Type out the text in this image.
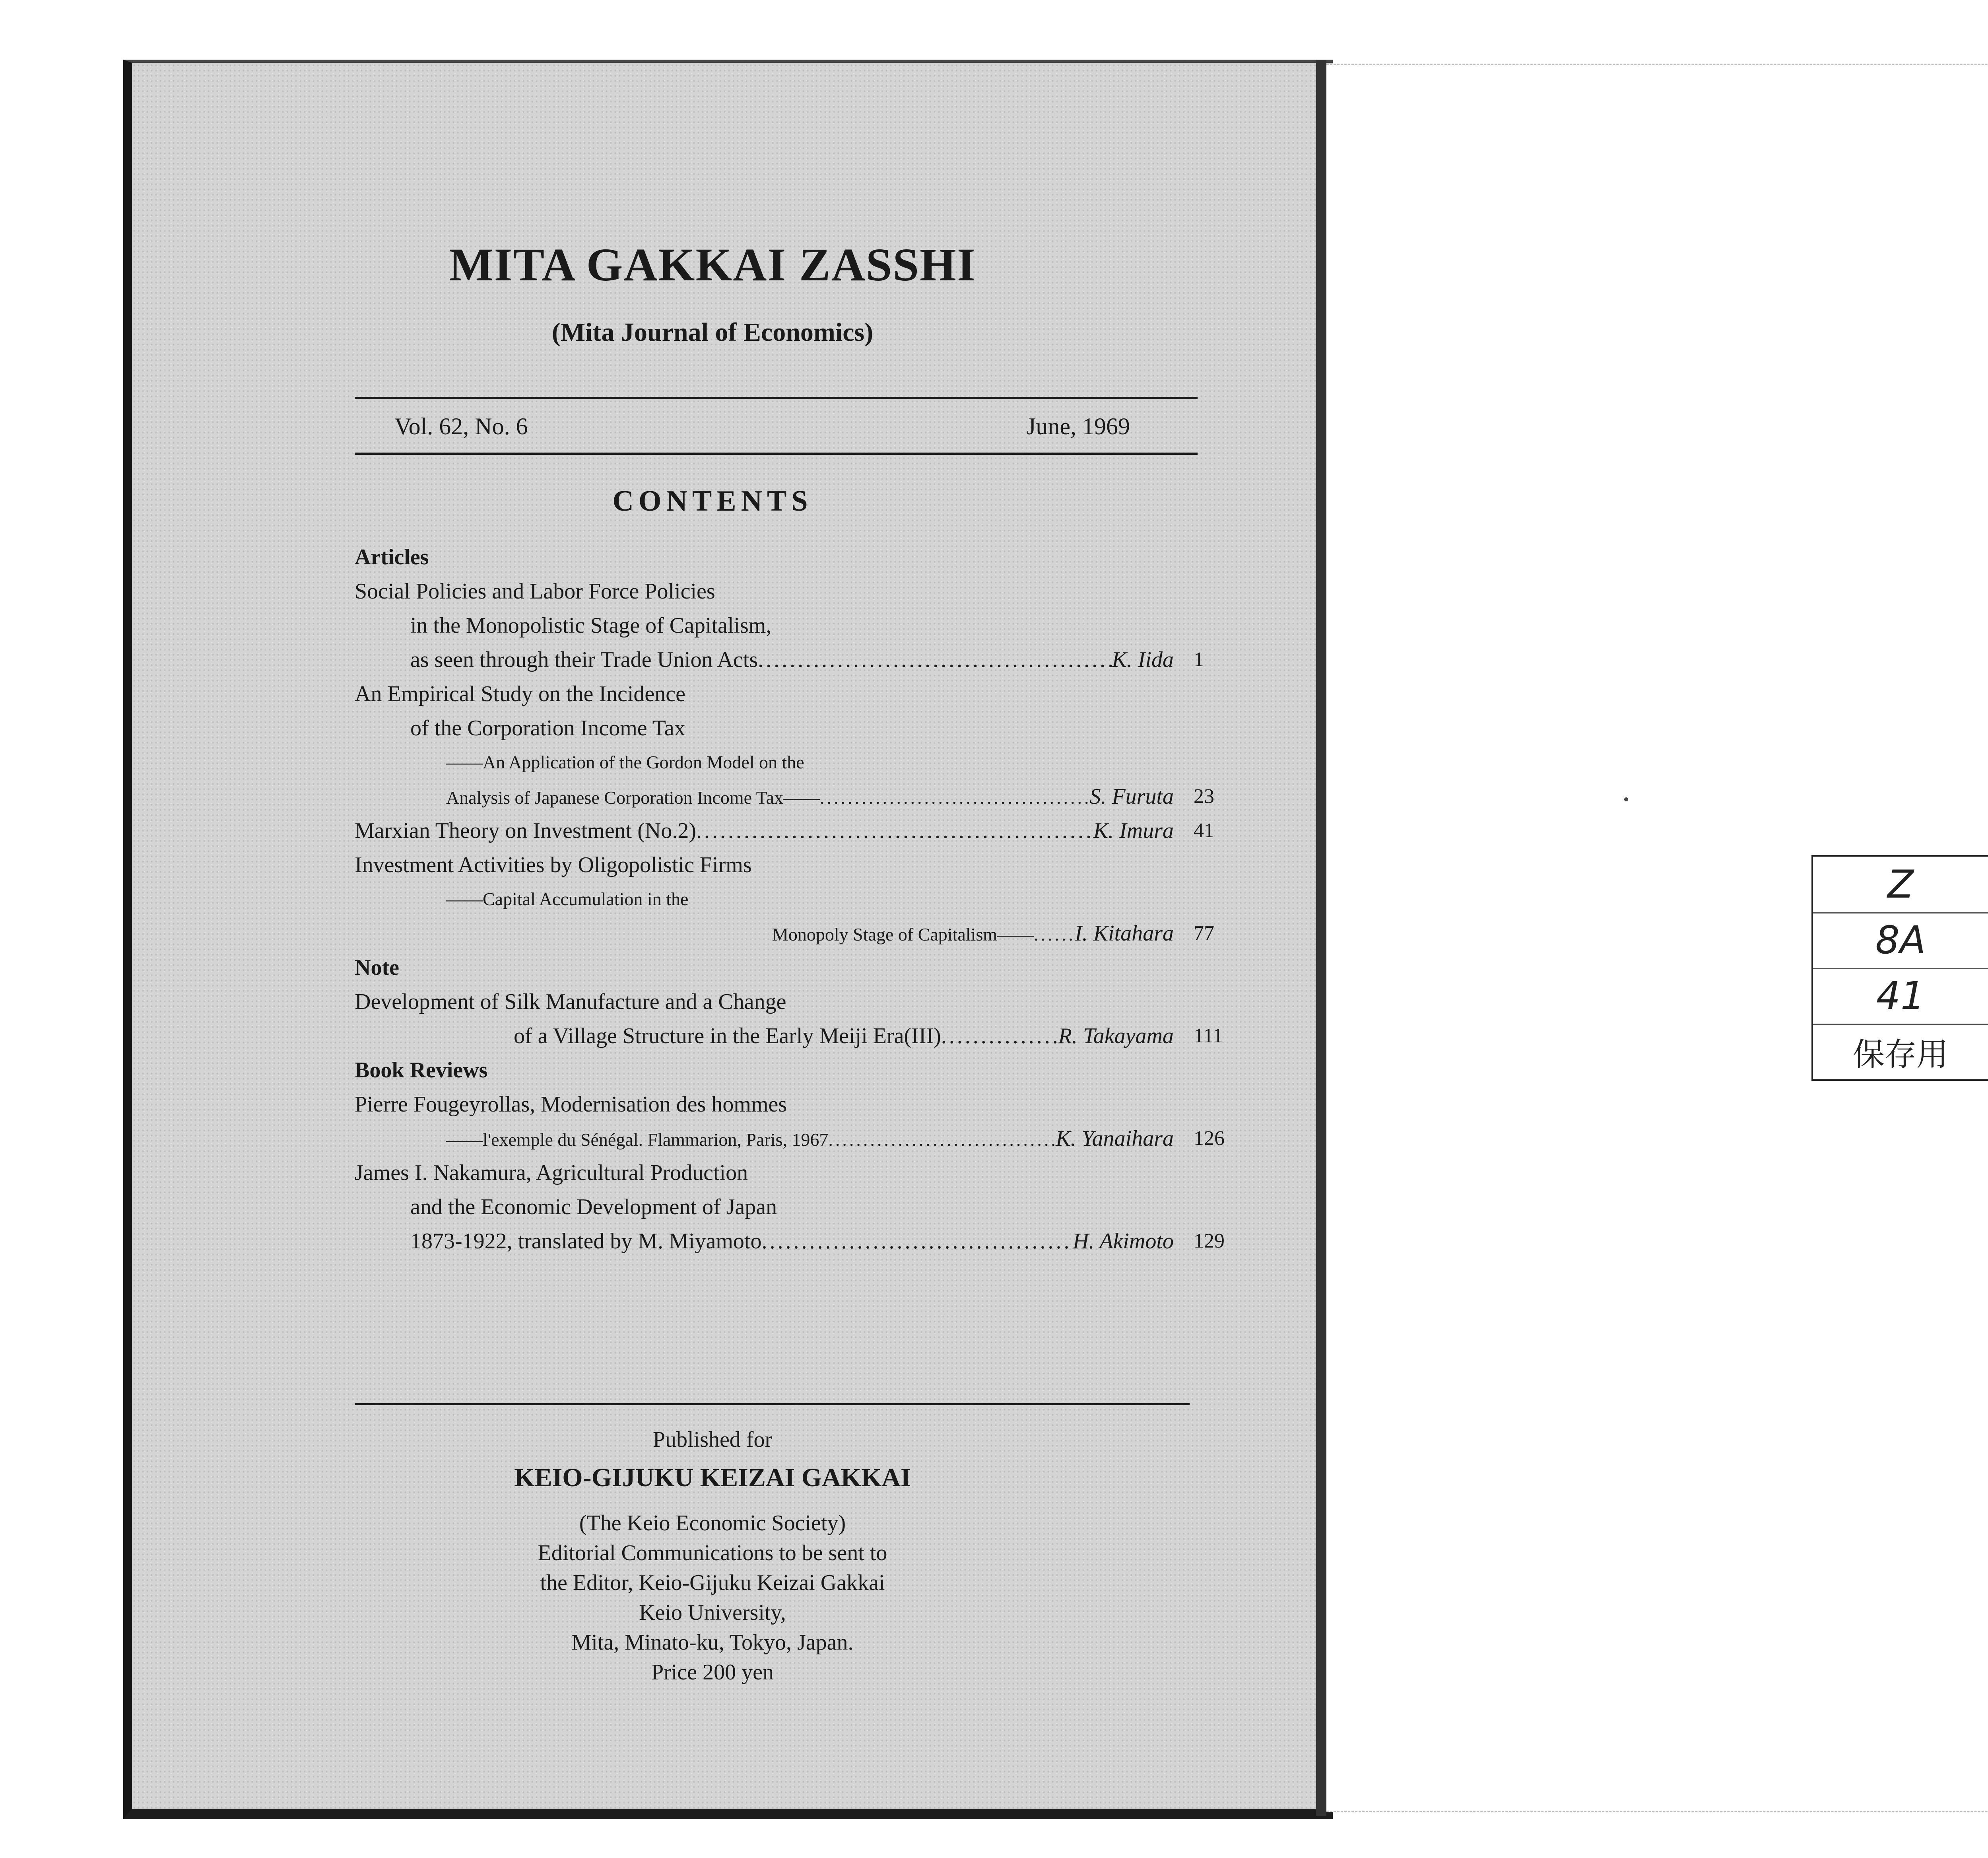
MITA GAKKAI ZASSHI
(Mita Journal of Economics)
Vol. 62, No. 6	June, 1969
CONTENTS
Articles
Social Policies and Labor Force Policies
in the Monopolistic Stage of Capitalism,
as seen through their Trade Union Acts .....	K. Iida 1
An Empirical Study on the Incidence
of the Corporation Income Tax
——An Application of the Gordon Model on the
Analysis of Japanese Corporation Income Tax—— .....	S. Furuta 23
Marxian Theory on Investment (No.2) .....	K. Imura 41
Investment Activities by Oligopolistic Firms
——Capital Accumulation in the
Monopoly Stage of Capitalism—— ..... I. Kitahara 77
Note
Development of Silk Manufacture and a Change
of a Village Structure in the Early Meiji Era(III) .....	R. Takayama 111
Book Reviews
Pierre Fougeyrollas, Modernisation des hommes
——l'exemple du Sénégal. Flammarion, Paris, 1967 .....	K. Yanaihara 126
James I. Nakamura, Agricultural Production
and the Economic Development of Japan
1873-1922, translated by M. Miyamoto .....	H. Akimoto 129
Published for
KEIO-GIJUKU KEIZAI GAKKAI
(The Keio Economic Society)
Editorial Communications to be sent to
the Editor, Keio-Gijuku Keizai Gakkai
Keio University,
Mita, Minato-ku, Tokyo, Japan.
Price 200 yen
Z
8A
41
保存用
